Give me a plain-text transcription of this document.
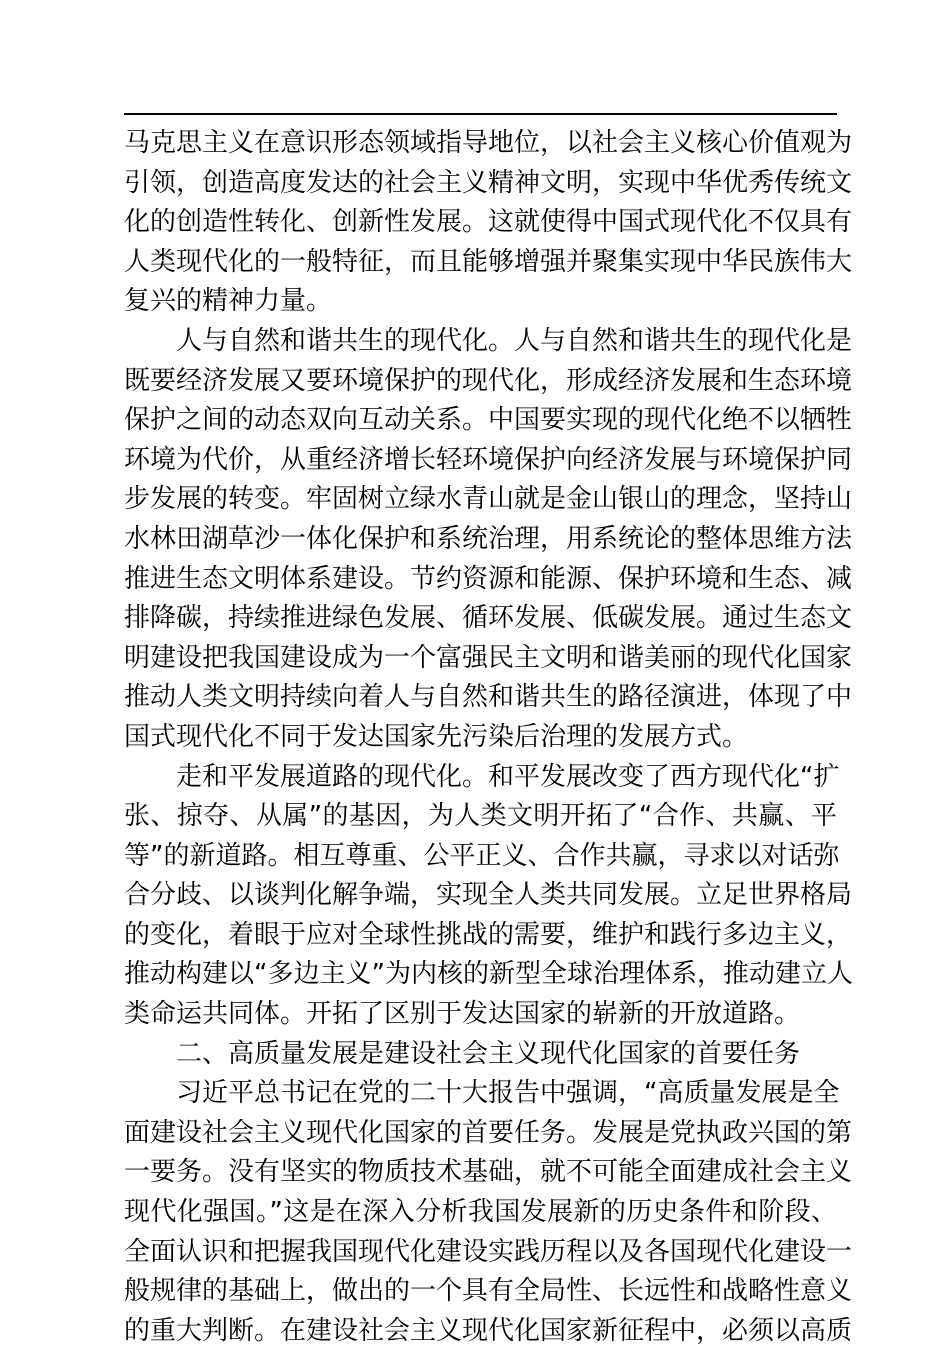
马克思主义在意识形态领域指导地位，以社会主义核心价值观为
引领，创造高度发达的社会主义精神文明，实现中华优秀传统文
化的创造性转化、创新性发展。这就使得中国式现代化不仅具有
人类现代化的一般特征，而且能够增强并聚集实现中华民族伟大
复兴的精神力量。
人与自然和谐共生的现代化。人与自然和谐共生的现代化是
既要经济发展又要环境保护的现代化，形成经济发展和生态环境
保护之间的动态双向互动关系。中国要实现的现代化绝不以牺牲
环境为代价，从重经济增长轻环境保护向经济发展与环境保护同
步发展的转变。牢固树立绿水青山就是金山银山的理念，坚持山
水林田湖草沙一体化保护和系统治理，用系统论的整体思维方法
推进生态文明体系建设。节约资源和能源、保护环境和生态、减
排降碳，持续推进绿色发展、循环发展、低碳发展。通过生态文
明建设把我国建设成为一个富强民主文明和谐美丽的现代化国家
推动人类文明持续向着人与自然和谐共生的路径演进，体现了中
国式现代化不同于发达国家先污染后治理的发展方式。
走和平发展道路的现代化。和平发展改变了西方现代化“扩
张、掠夺、从属”的基因，为人类文明开拓了“合作、共赢、平
等”的新道路。相互尊重、公平正义、合作共赢，寻求以对话弥
合分歧、以谈判化解争端，实现全人类共同发展。立足世界格局
的变化，着眼于应对全球性挑战的需要，维护和践行多边主义，
推动构建以“多边主义”为内核的新型全球治理体系，推动建立人
类命运共同体。开拓了区别于发达国家的崭新的开放道路。
二、高质量发展是建设社会主义现代化国家的首要任务
习近平总书记在党的二十大报告中强调，“高质量发展是全
面建设社会主义现代化国家的首要任务。发展是党执政兴国的第
一要务。没有坚实的物质技术基础，就不可能全面建成社会主义
现代化强国。”这是在深入分析我国发展新的历史条件和阶段、
全面认识和把握我国现代化建设实践历程以及各国现代化建设一
般规律的基础上，做出的一个具有全局性、长远性和战略性意义
的重大判断。在建设社会主义现代化国家新征程中，必须以高质
